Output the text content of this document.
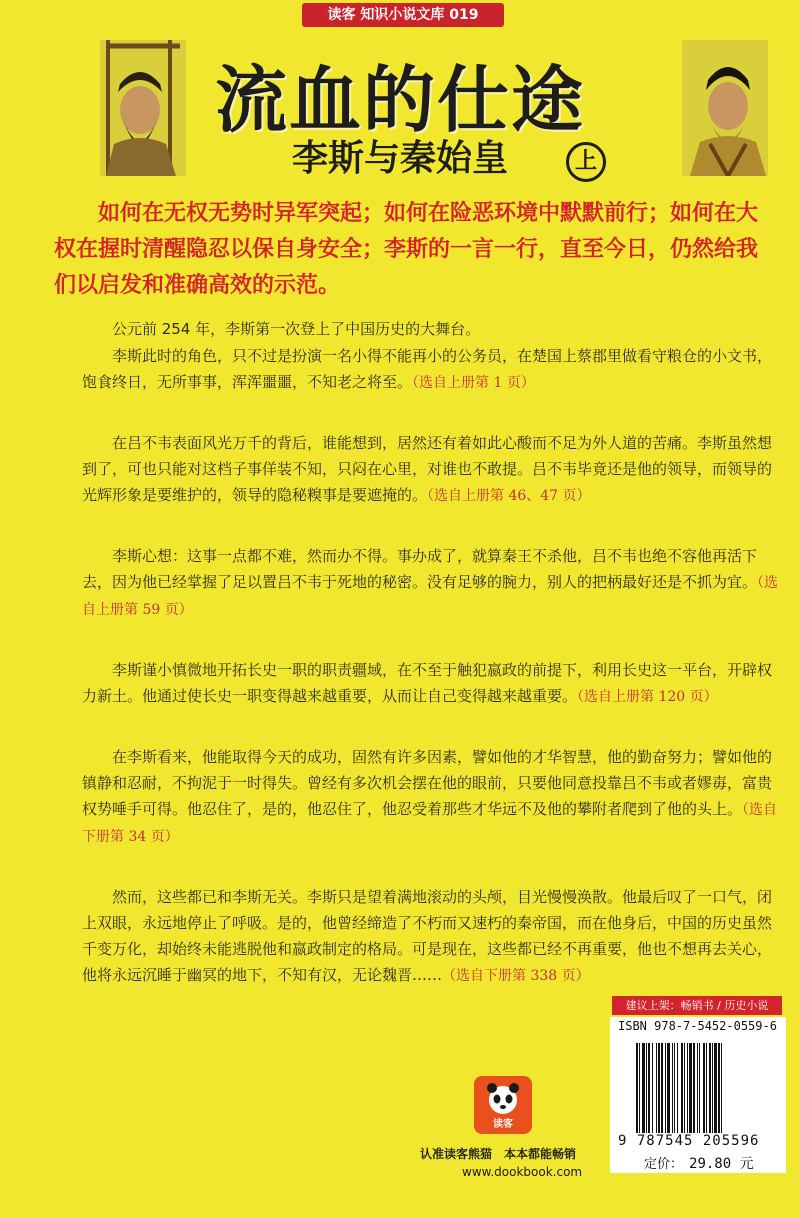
读客 知识小说文库 019
流血的仕途
李斯与秦始皇	上
如何在无权无势时异军突起；如何在险恶环境中默默前行；如何在大权在握时清醒隐忍以保自身安全；李斯的一言一行，直至今日，仍然给我们以启发和准确高效的示范。

公元前 254 年，李斯第一次登上了中国历史的大舞台。

李斯此时的角色，只不过是扮演一名小得不能再小的公务员，在楚国上蔡郡里做看守粮仓的小文书，饱食终日，无所事事，浑浑噩噩，不知老之将至。（选自上册第 1 页）

在吕不韦表面风光万千的背后，谁能想到，居然还有着如此心酸而不足为外人道的苦痛。李斯虽然想到了，可也只能对这档子事佯装不知，只闷在心里，对谁也不敢提。吕不韦毕竟还是他的领导，而领导的光辉形象是要维护的，领导的隐秘糗事是要遮掩的。（选自上册第 46、47 页）

李斯心想：这事一点都不难，然而办不得。事办成了，就算秦王不杀他，吕不韦也绝不容他再活下去，因为他已经掌握了足以置吕不韦于死地的秘密。没有足够的腕力，别人的把柄最好还是不抓为宜。（选自上册第 59 页）

李斯谨小慎微地开拓长史一职的职责疆域，在不至于触犯嬴政的前提下，利用长史这一平台，开辟权力新土。他通过使长史一职变得越来越重要，从而让自己变得越来越重要。（选自上册第 120 页）

在李斯看来，他能取得今天的成功，固然有许多因素，譬如他的才华智慧，他的勤奋努力；譬如他的镇静和忍耐，不拘泥于一时得失。曾经有多次机会摆在他的眼前，只要他同意投靠吕不韦或者嫪毐，富贵权势唾手可得。他忍住了，是的，他忍住了，他忍受着那些才华远不及他的攀附者爬到了他的头上。（选自下册第 34 页）

然而，这些都已和李斯无关。李斯只是望着满地滚动的头颅，目光慢慢涣散。他最后叹了一口气，闭上双眼，永远地停止了呼吸。是的，他曾经缔造了不朽而又速朽的秦帝国，而在他身后，中国的历史虽然千变万化，却始终未能逃脱他和嬴政制定的格局。可是现在，这些都已经不再重要，他也不想再去关心，他将永远沉睡于幽冥的地下，不知有汉，无论魏晋……（选自下册第 338 页）

建议上架：畅销书 / 历史小说
ISBN 978-7-5452-0559-6
9 787545 205596
定价： 29.80 元
读客
认准读客熊猫　本本都能畅销
www.dookbook.com
